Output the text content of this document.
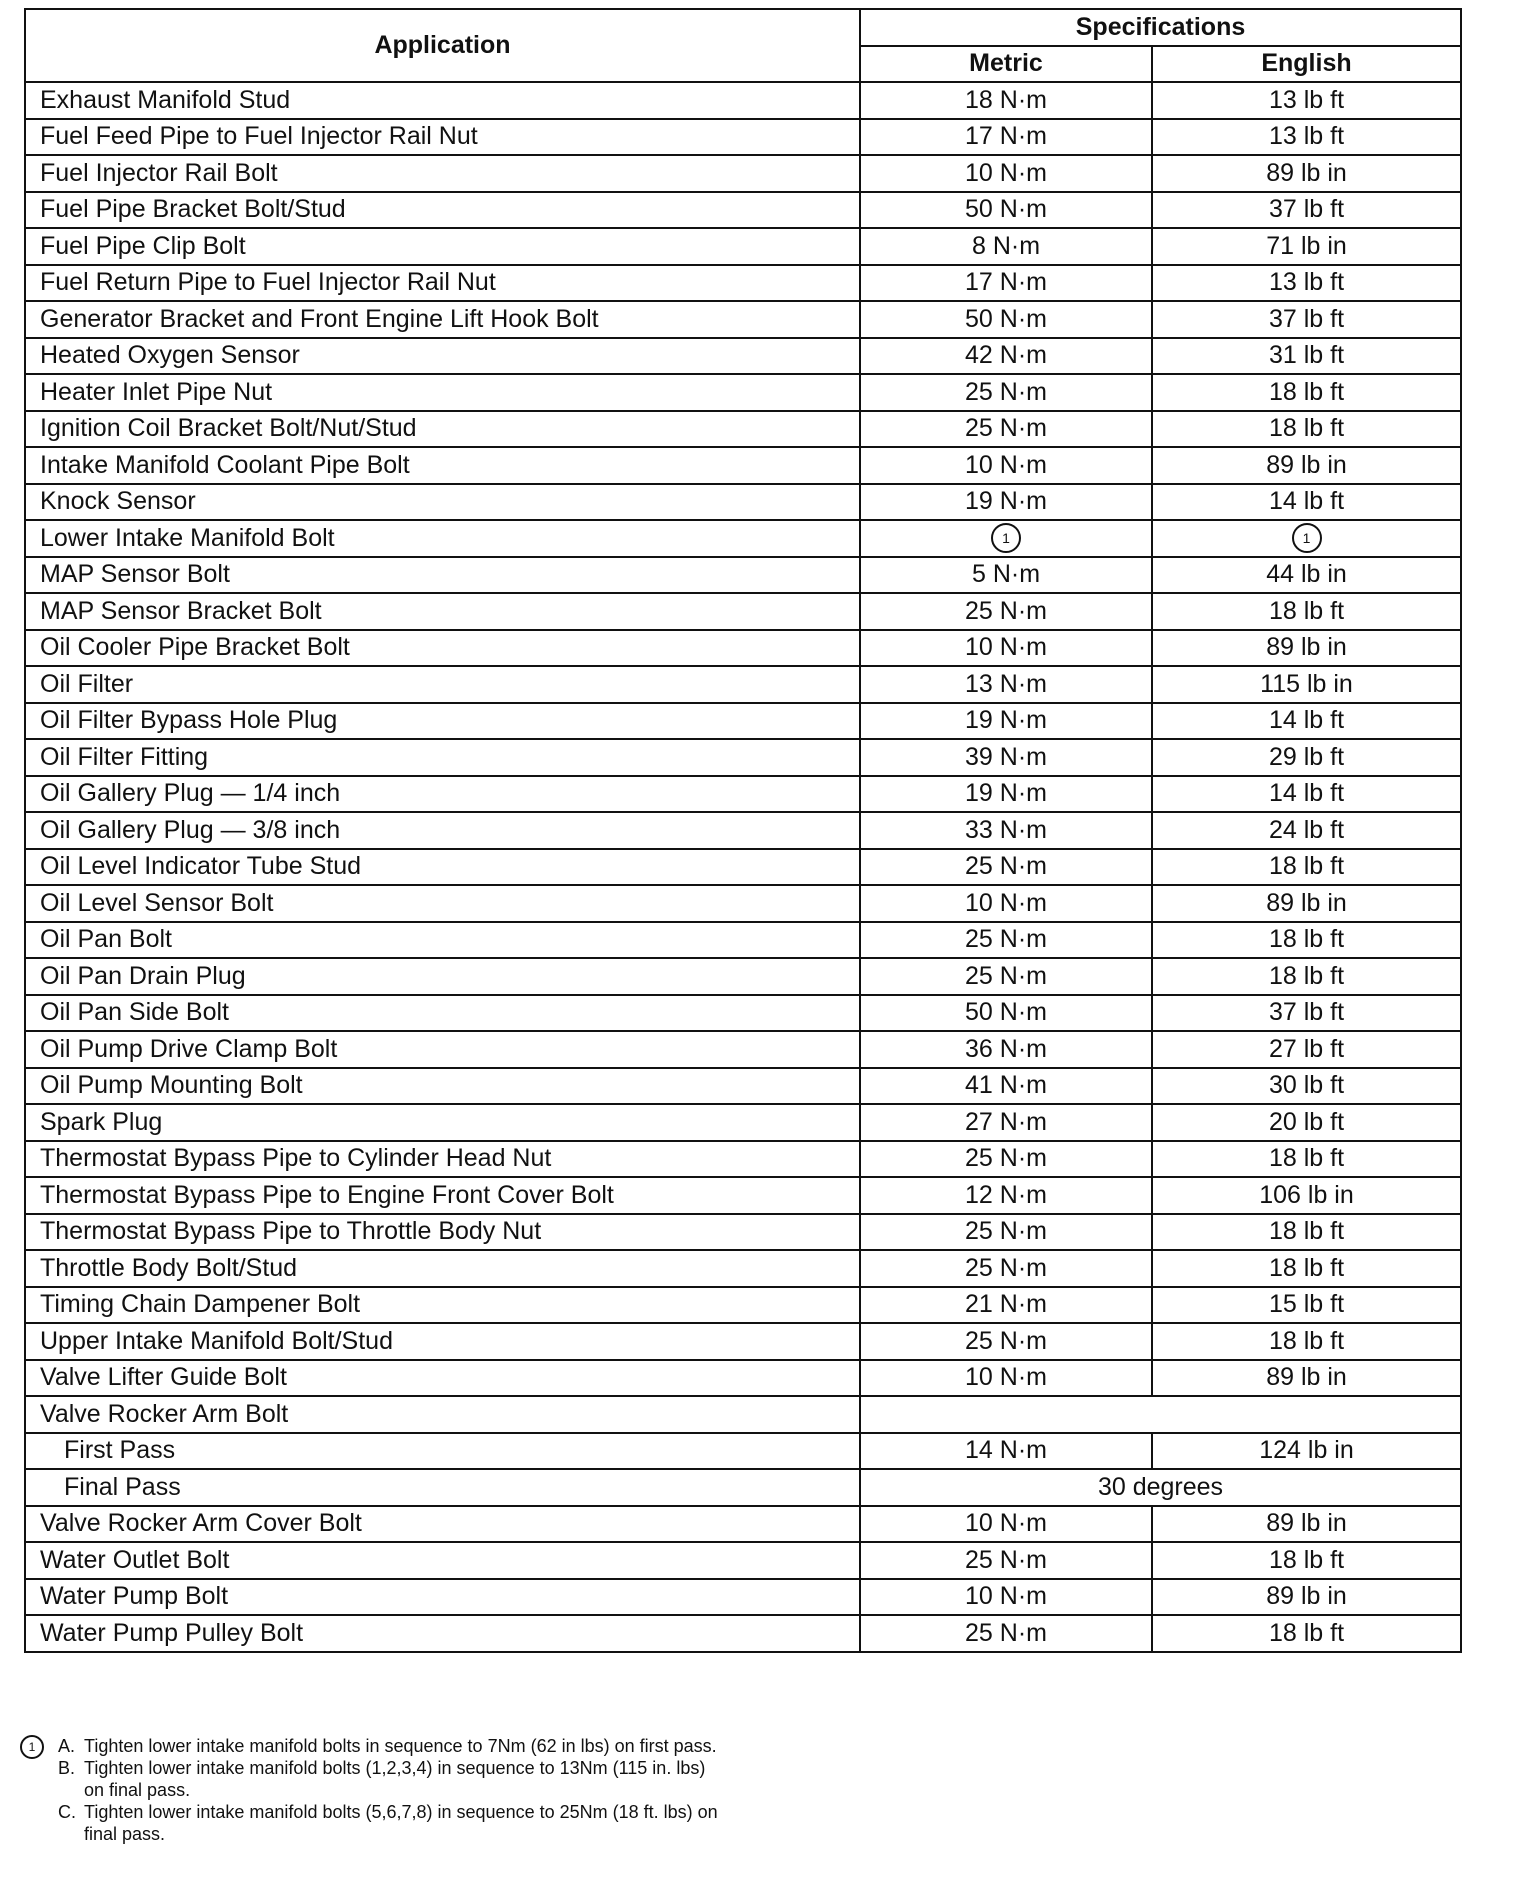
Application	Specifications	
	Metric	English
Exhaust Manifold Stud	18 N·m	13 lb ft
Fuel Feed Pipe to Fuel Injector Rail Nut	17 N·m	13 lb ft
Fuel Injector Rail Bolt	10 N·m	89 lb in
Fuel Pipe Bracket Bolt/Stud	50 N·m	37 lb ft
Fuel Pipe Clip Bolt	8 N·m	71 lb in
Fuel Return Pipe to Fuel Injector Rail Nut	17 N·m	13 lb ft
Generator Bracket and Front Engine Lift Hook Bolt	50 N·m	37 lb ft
Heated Oxygen Sensor	42 N·m	31 lb ft
Heater Inlet Pipe Nut	25 N·m	18 lb ft
Ignition Coil Bracket Bolt/Nut/Stud	25 N·m	18 lb ft
Intake Manifold Coolant Pipe Bolt	10 N·m	89 lb in
Knock Sensor	19 N·m	14 lb ft
Lower Intake Manifold Bolt	1	1
MAP Sensor Bolt	5 N·m	44 lb in
MAP Sensor Bracket Bolt	25 N·m	18 lb ft
Oil Cooler Pipe Bracket Bolt	10 N·m	89 lb in
Oil Filter	13 N·m	115 lb in
Oil Filter Bypass Hole Plug	19 N·m	14 lb ft
Oil Filter Fitting	39 N·m	29 lb ft
Oil Gallery Plug — 1/4 inch	19 N·m	14 lb ft
Oil Gallery Plug — 3/8 inch	33 N·m	24 lb ft
Oil Level Indicator Tube Stud	25 N·m	18 lb ft
Oil Level Sensor Bolt	10 N·m	89 lb in
Oil Pan Bolt	25 N·m	18 lb ft
Oil Pan Drain Plug	25 N·m	18 lb ft
Oil Pan Side Bolt	50 N·m	37 lb ft
Oil Pump Drive Clamp Bolt	36 N·m	27 lb ft
Oil Pump Mounting Bolt	41 N·m	30 lb ft
Spark Plug	27 N·m	20 lb ft
Thermostat Bypass Pipe to Cylinder Head Nut	25 N·m	18 lb ft
Thermostat Bypass Pipe to Engine Front Cover Bolt	12 N·m	106 lb in
Thermostat Bypass Pipe to Throttle Body Nut	25 N·m	18 lb ft
Throttle Body Bolt/Stud	25 N·m	18 lb ft
Timing Chain Dampener Bolt	21 N·m	15 lb ft
Upper Intake Manifold Bolt/Stud	25 N·m	18 lb ft
Valve Lifter Guide Bolt	10 N·m	89 lb in
Valve Rocker Arm Bolt		
First Pass	14 N·m	124 lb in
Final Pass	30 degrees	
Valve Rocker Arm Cover Bolt	10 N·m	89 lb in
Water Outlet Bolt	25 N·m	18 lb ft
Water Pump Bolt	10 N·m	89 lb in
Water Pump Pulley Bolt	25 N·m	18 lb ft
1	A. Tighten lower intake manifold bolts in sequence to 7Nm (62 in lbs) on first pass.
B. Tighten lower intake manifold bolts (1,2,3,4) in sequence to 13Nm (115 in. lbs) on final pass.
C. Tighten lower intake manifold bolts (5,6,7,8) in sequence to 25Nm (18 ft. lbs) on final pass.
